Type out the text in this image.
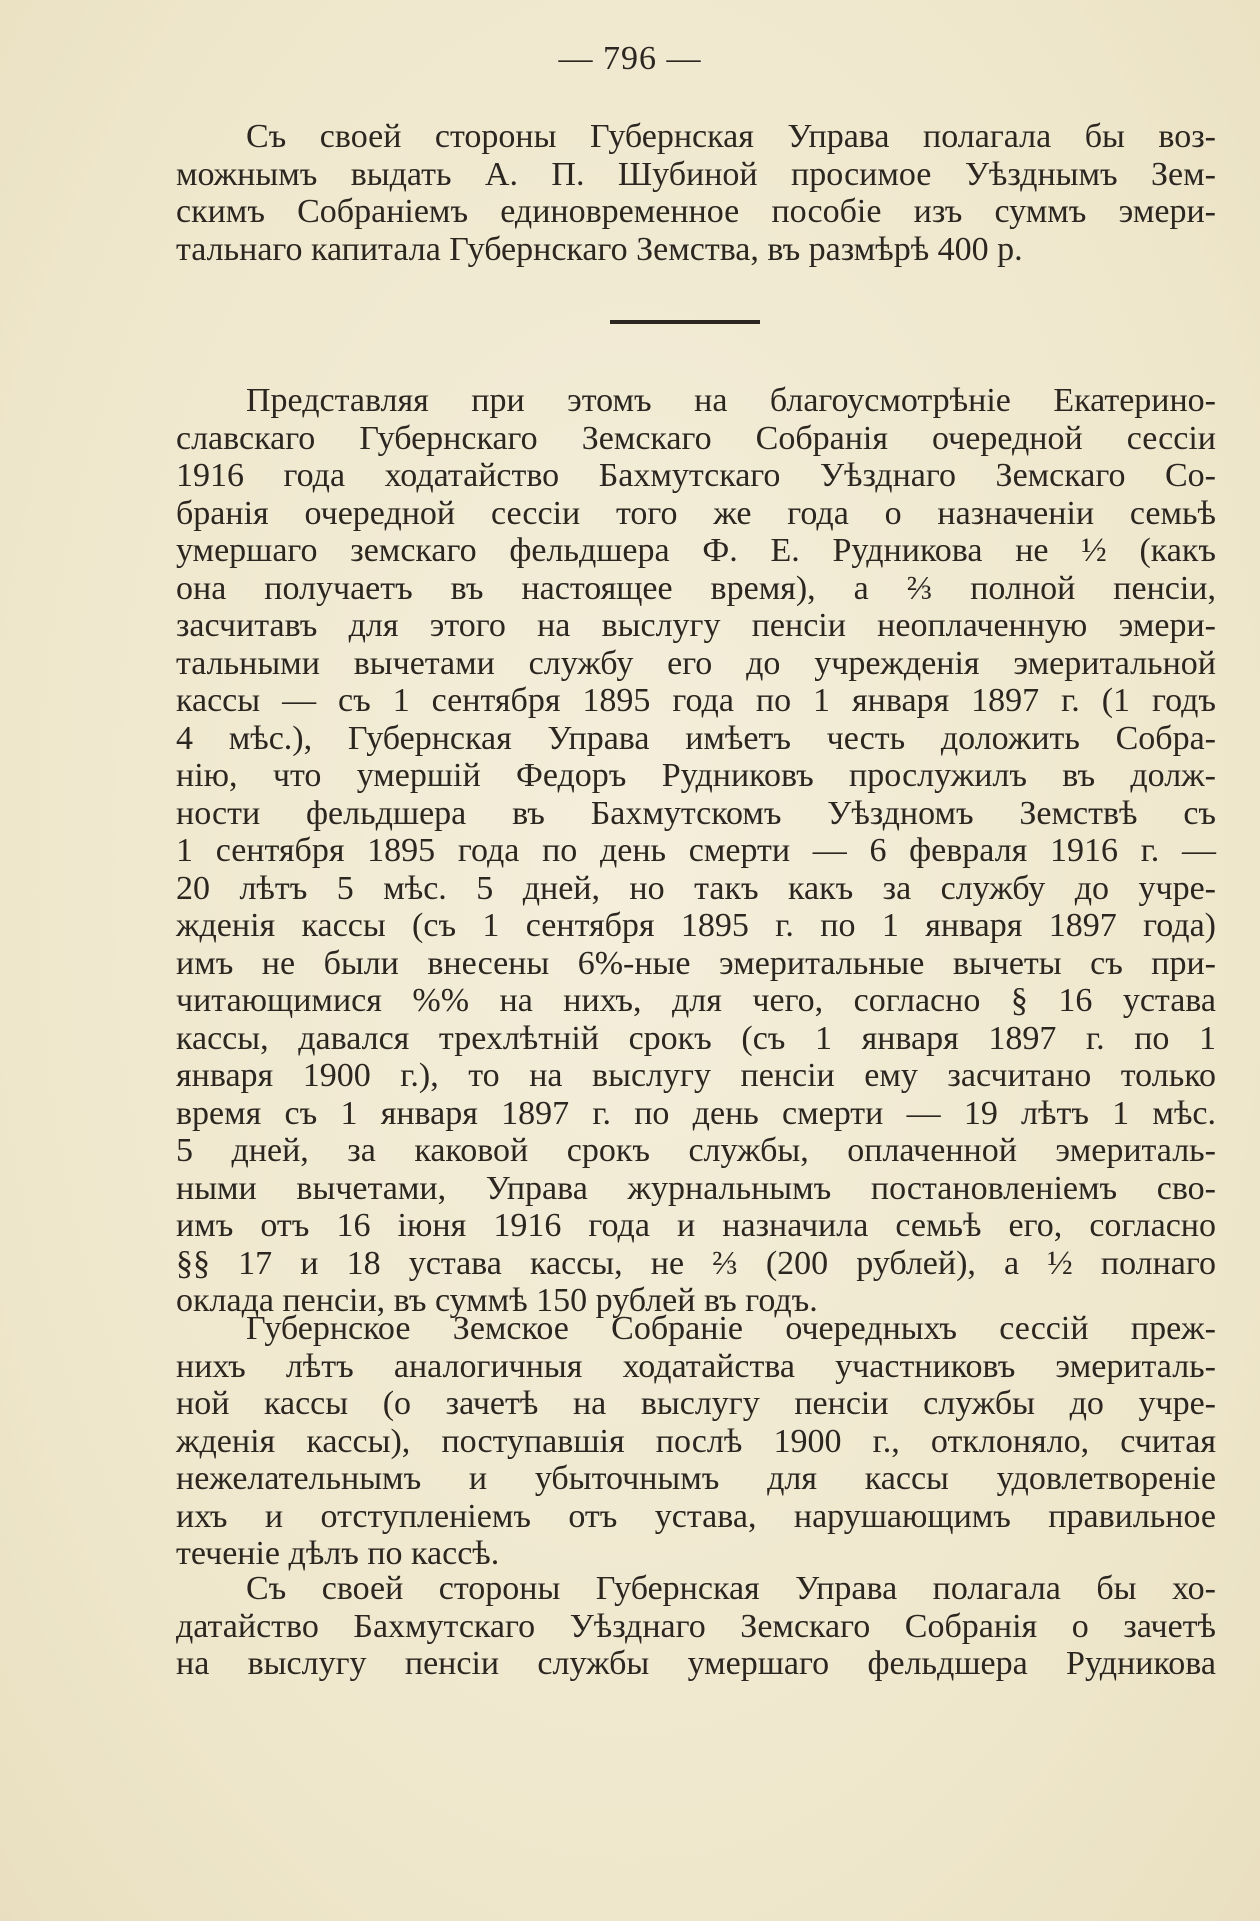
— 796 —
Съ своей стороны Губернская Управа полагала бы воз-
можнымъ выдать А. П. Шубиной просимое Уѣзднымъ Зем-
скимъ Собраніемъ единовременное пособіе изъ суммъ эмери-
тальнаго капитала Губернскаго Земства, въ размѣрѣ 400 р.
Представляя при этомъ на благоусмотрѣніе Екатерино-
славскаго Губернскаго Земскаго Собранія очередной сессіи
1916 года ходатайство Бахмутскаго Уѣзднаго Земскаго Со-
бранія очередной сессіи того же года о назначеніи семьѣ
умершаго земскаго фельдшера Ф. Е. Рудникова не ½ (какъ
она получаетъ въ настоящее время), а ⅔ полной пенсіи,
засчитавъ для этого на выслугу пенсіи неоплаченную эмери-
тальными вычетами службу его до учрежденія эмеритальной
кассы — съ 1 сентября 1895 года по 1 января 1897 г. (1 годъ
4 мѣс.), Губернская Управа имѣетъ честь доложить Собра-
нію, что умершій Федоръ Рудниковъ прослужилъ въ долж-
ности фельдшера въ Бахмутскомъ Уѣздномъ Земствѣ съ
1 сентября 1895 года по день смерти — 6 февраля 1916 г. —
20 лѣтъ 5 мѣс. 5 дней, но такъ какъ за службу до учре-
жденія кассы (съ 1 сентября 1895 г. по 1 января 1897 года)
имъ не были внесены 6%-ные эмеритальные вычеты съ при-
читающимися %% на нихъ, для чего, согласно § 16 устава
кассы, давался трехлѣтній срокъ (съ 1 января 1897 г. по 1
января 1900 г.), то на выслугу пенсіи ему засчитано только
время съ 1 января 1897 г. по день смерти — 19 лѣтъ 1 мѣс.
5 дней, за каковой срокъ службы, оплаченной эмериталь-
ными вычетами, Управа журнальнымъ постановленіемъ сво-
имъ отъ 16 іюня 1916 года и назначила семьѣ его, согласно
§§ 17 и 18 устава кассы, не ⅔ (200 рублей), а ½ полнаго
оклада пенсіи, въ суммѣ 150 рублей въ годъ.
Губернское Земское Собраніе очередныхъ сессій преж-
нихъ лѣтъ аналогичныя ходатайства участниковъ эмериталь-
ной кассы (о зачетѣ на выслугу пенсіи службы до учре-
жденія кассы), поступавшія послѣ 1900 г., отклоняло, считая
нежелательнымъ и убыточнымъ для кассы удовлетвореніе
ихъ и отступленіемъ отъ устава, нарушающимъ правильное
теченіе дѣлъ по кассѣ.
Съ своей стороны Губернская Управа полагала бы хо-
датайство Бахмутскаго Уѣзднаго Земскаго Собранія о зачетѣ
на выслугу пенсіи службы умершаго фельдшера Рудникова
